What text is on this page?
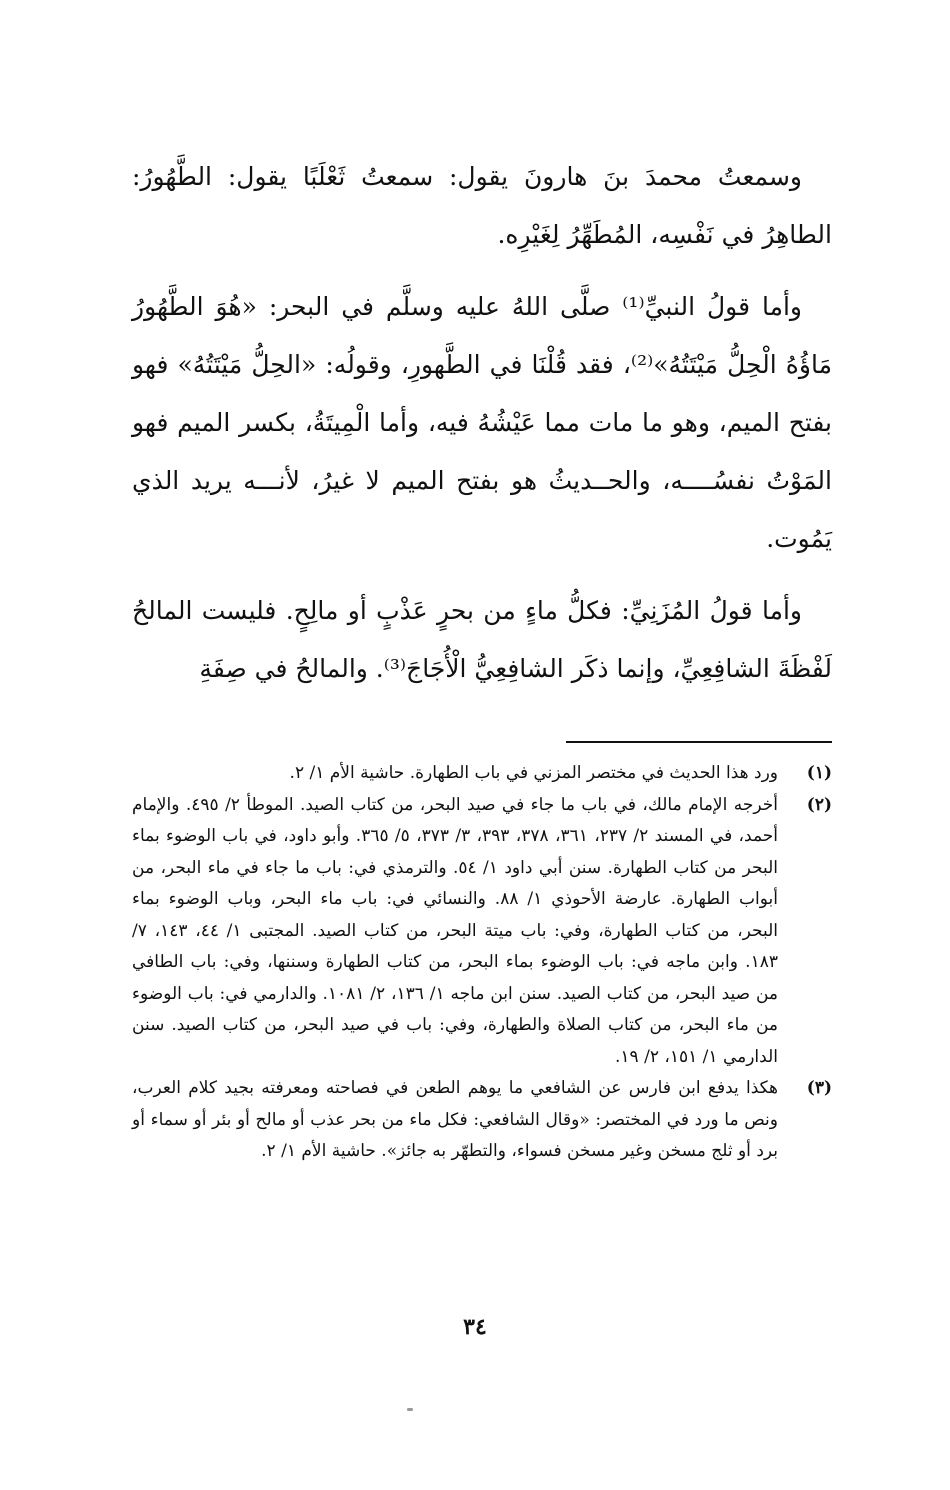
وسمعتُ محمدَ بنَ هارونَ يقول: سمعتُ ثَعْلَبًا يقول: الطَّهُورُ: الطاهِرُ في نَفْسِه، المُطَهِّرُ لِغَيْرِه.

وأما قولُ النبيِّ⁽¹⁾ صلَّى اللهُ عليه وسلَّم في البحر: «هُوَ الطَّهُورُ مَاؤُهُ الْحِلُّ مَيْتَتُهُ»⁽²⁾، فقد قُلْنَا في الطَّهورِ، وقولُه: «الحِلُّ مَيْتَتُهُ» فهو بفتح الميم، وهو ما مات مما عَيْشُهُ فيه، وأما الْمِيتَةُ، بكسر الميم فهو المَوْتُ نفسُــــه، والحــديثُ هو بفتح الميم لا غيرُ، لأنـــه يريد الذي يَمُوت.

وأما قولُ المُزَنِيِّ: فكلُّ ماءٍ من بحرٍ عَذْبٍ أو مالِحٍ. فليست المالحُ لَفْظَةَ الشافِعِيِّ، وإنما ذكَر الشافِعِيُّ الْأُجَاجَ⁽³⁾. والمالحُ في صِفَةِ

(١)
ورد هذا الحديث في مختصر المزني في باب الطهارة. حاشية الأم ١/ ٢.
(٢)
أخرجه الإمام مالك، في باب ما جاء في صيد البحر، من كتاب الصيد. الموطأ ٢/ ٤٩٥. والإمام أحمد، في المسند ٢/ ٢٣٧، ٣٦١، ٣٧٨، ٣٩٣، ٣/ ٣٧٣، ٥/ ٣٦٥. وأبو داود، في باب الوضوء بماء البحر من كتاب الطهارة. سنن أبي داود ١/ ٥٤. والترمذي في: باب ما جاء في ماء البحر، من أبواب الطهارة. عارضة الأحوذي ١/ ٨٨. والنسائي في: باب ماء البحر، وباب الوضوء بماء البحر، من كتاب الطهارة، وفي: باب ميتة البحر، من كتاب الصيد. المجتبى ١/ ٤٤، ١٤٣، ٧/ ١٨٣. وابن ماجه في: باب الوضوء بماء البحر، من كتاب الطهارة وسننها، وفي: باب الطافي من صيد البحر، من كتاب الصيد. سنن ابن ماجه ١/ ١٣٦، ٢/ ١٠٨١. والدارمي في: باب الوضوء من ماء البحر، من كتاب الصلاة والطهارة، وفي: باب في صيد البحر، من كتاب الصيد. سنن الدارمي ١/ ١٥١، ٢/ ١٩.
(٣)
هكذا يدفع ابن فارس عن الشافعي ما يوهم الطعن في فصاحته ومعرفته بجيد كلام العرب، ونص ما ورد في المختصر: «وقال الشافعي: فكل ماء من بحر عذب أو مالح أو بئر أو سماء أو برد أو ثلج مسخن وغير مسخن فسواء، والتطهّر به جائز». حاشية الأم ١/ ٢.
٣٤
